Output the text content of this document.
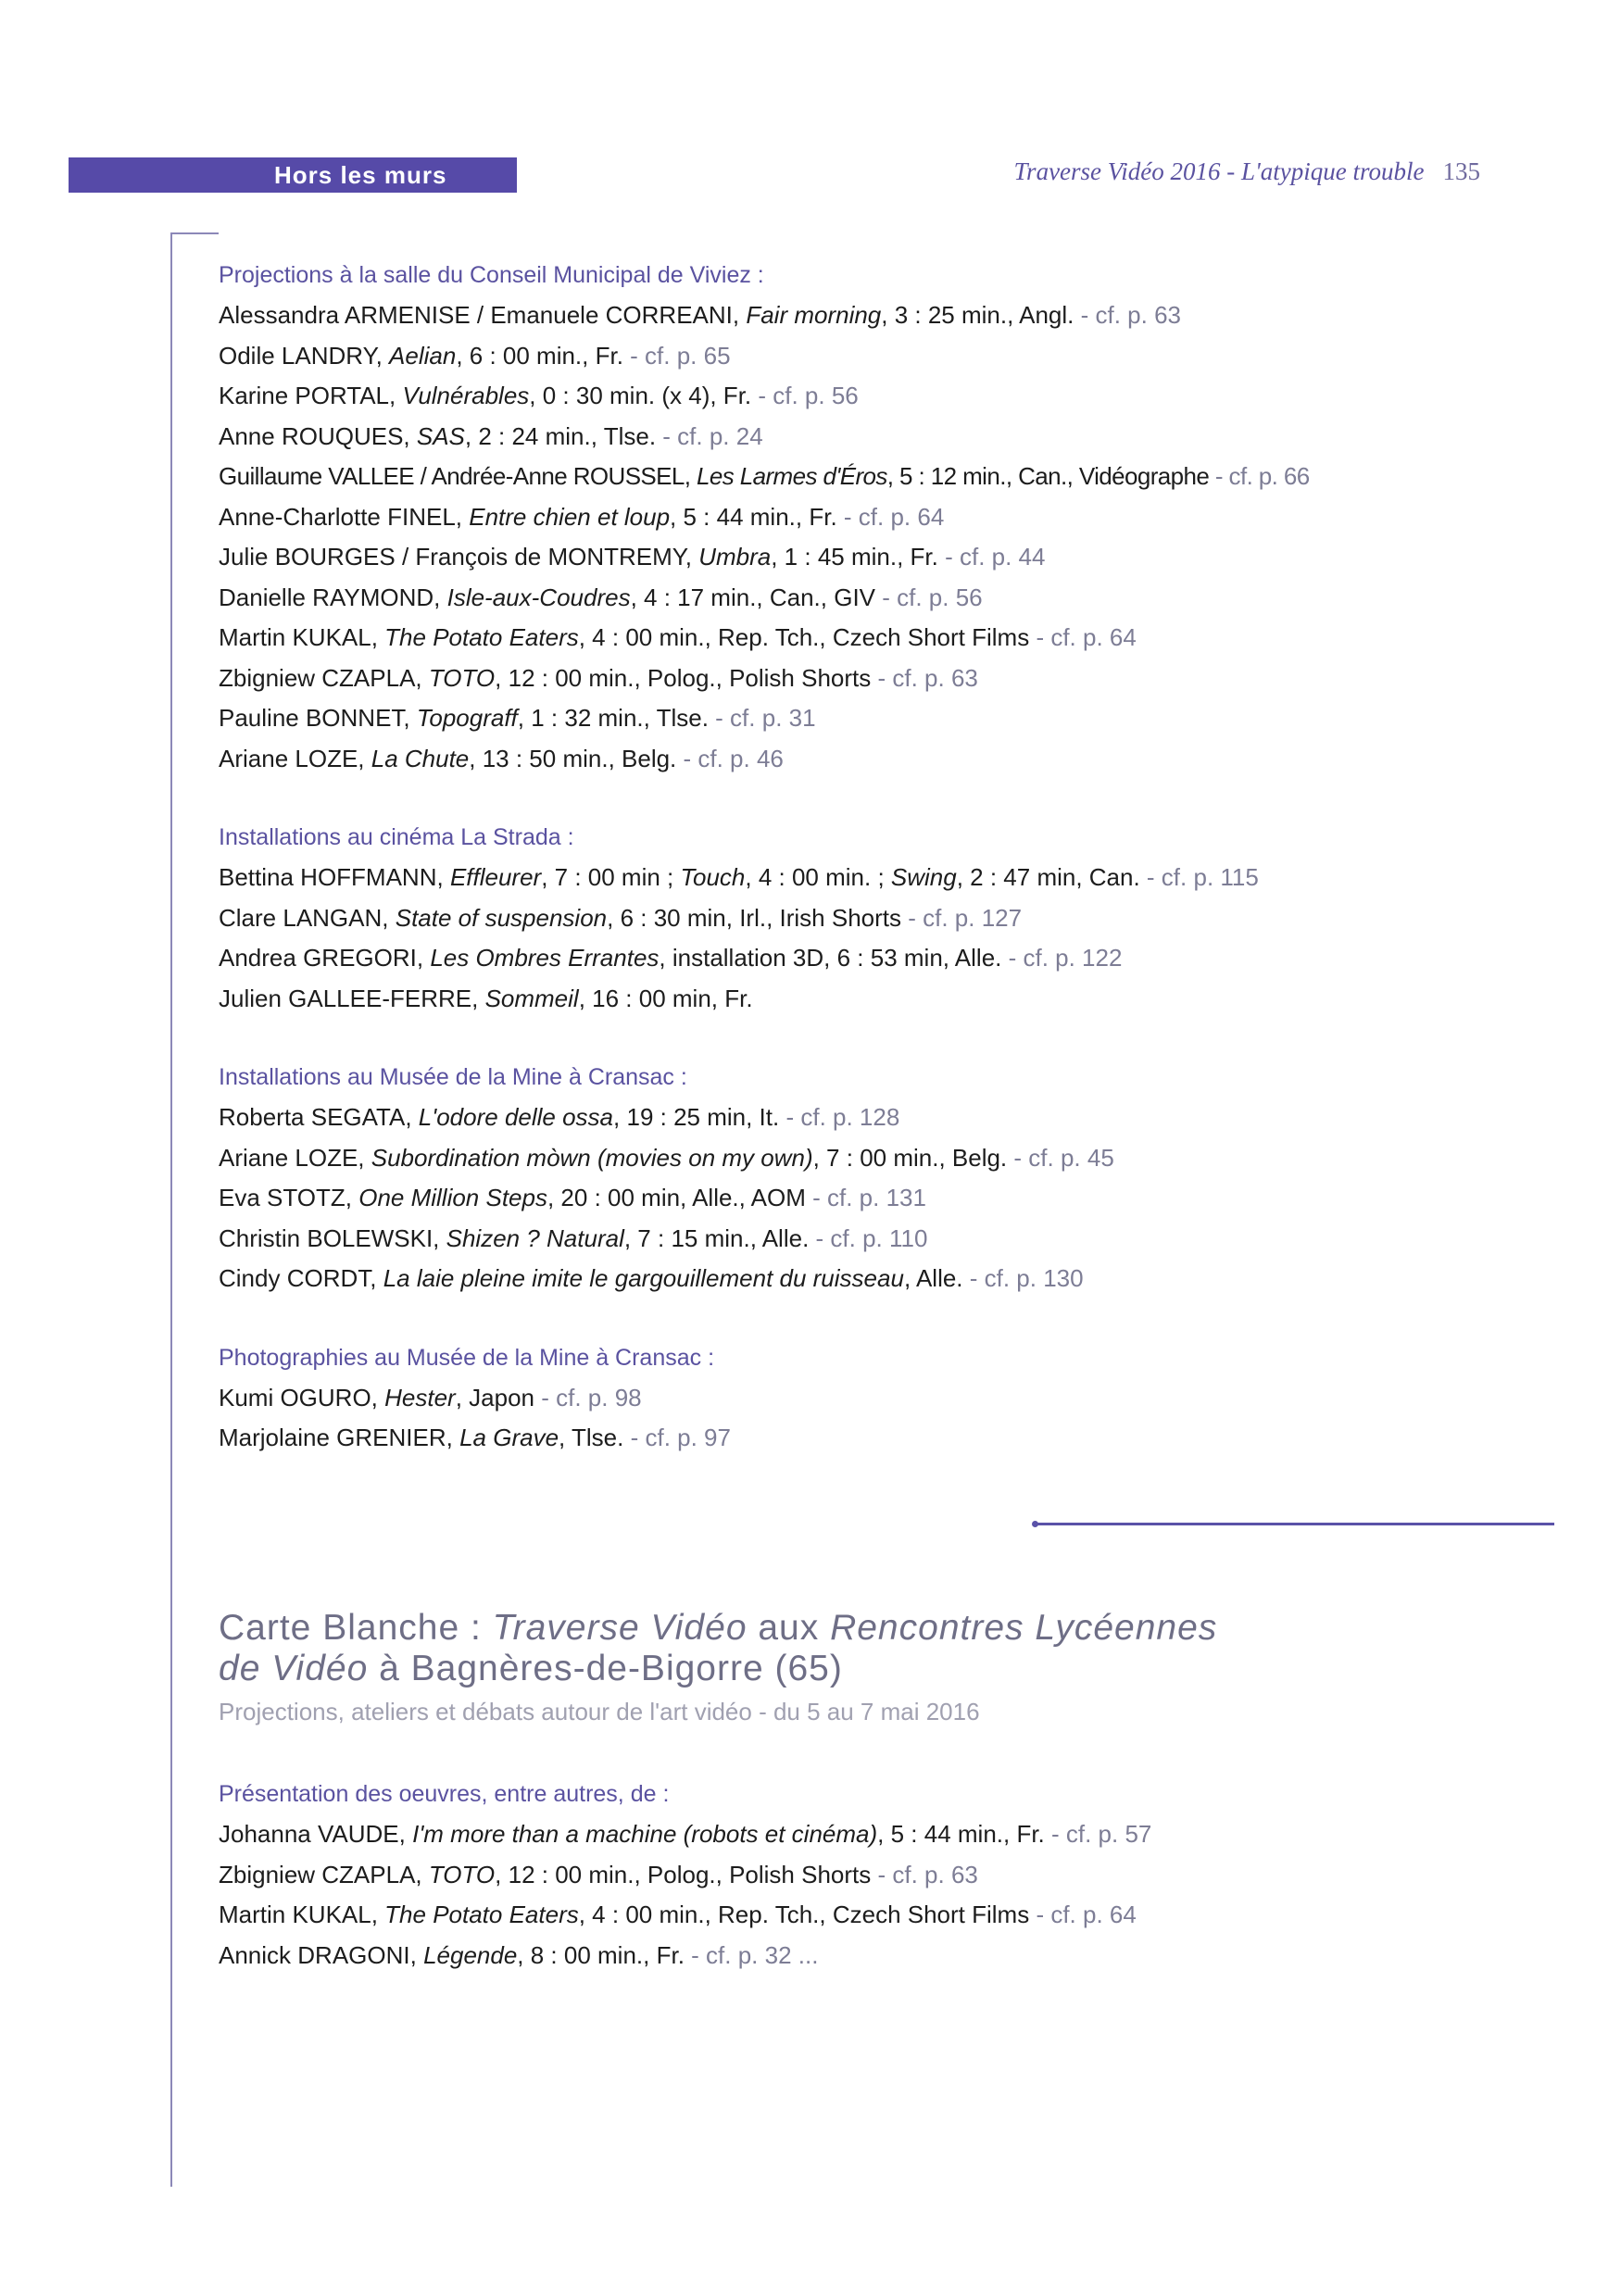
Hors les murs	Traverse Vidéo 2016 - L'atypique trouble 135

Projections à la salle du Conseil Municipal de Viviez :

Alessandra ARMENISE / Emanuele CORREANI, Fair morning, 3 : 25 min., Angl. - cf. p. 63

Odile LANDRY, Aelian, 6 : 00 min., Fr. - cf. p. 65

Karine PORTAL, Vulnérables, 0 : 30 min. (x 4), Fr. - cf. p. 56

Anne ROUQUES, SAS, 2 : 24 min., Tlse. - cf. p. 24

Guillaume VALLEE / Andrée-Anne ROUSSEL, Les Larmes d'Éros, 5 : 12 min., Can., Vidéographe - cf. p. 66

Anne-Charlotte FINEL, Entre chien et loup, 5 : 44 min., Fr. - cf. p. 64

Julie BOURGES / François de MONTREMY, Umbra, 1 : 45 min., Fr. - cf. p. 44

Danielle RAYMOND, Isle-aux-Coudres, 4 : 17 min., Can., GIV - cf. p. 56

Martin KUKAL, The Potato Eaters, 4 : 00 min., Rep. Tch., Czech Short Films - cf. p. 64

Zbigniew CZAPLA, TOTO, 12 : 00 min., Polog., Polish Shorts - cf. p. 63

Pauline BONNET, Topograff, 1 : 32 min., Tlse. - cf. p. 31

Ariane LOZE, La Chute, 13 : 50 min., Belg. - cf. p. 46

Installations au cinéma La Strada :

Bettina HOFFMANN, Effleurer, 7 : 00 min ; Touch, 4 : 00 min. ; Swing, 2 : 47 min, Can. - cf. p. 115

Clare LANGAN, State of suspension, 6 : 30 min, Irl., Irish Shorts - cf. p. 127

Andrea GREGORI, Les Ombres Errantes, installation 3D, 6 : 53 min, Alle. - cf. p. 122

Julien GALLEE-FERRE, Sommeil, 16 : 00 min, Fr.

Installations au Musée de la Mine à Cransac :

Roberta SEGATA, L'odore delle ossa, 19 : 25 min, It. - cf. p. 128

Ariane LOZE, Subordination mòwn (movies on my own), 7 : 00 min., Belg. - cf. p. 45

Eva STOTZ, One Million Steps, 20 : 00 min, Alle., AOM - cf. p. 131

Christin BOLEWSKI, Shizen ? Natural, 7 : 15 min., Alle. - cf. p. 110

Cindy CORDT, La laie pleine imite le gargouillement du ruisseau, Alle. - cf. p. 130

Photographies au Musée de la Mine à Cransac :

Kumi OGURO, Hester, Japon - cf. p. 98

Marjolaine GRENIER, La Grave, Tlse. - cf. p. 97

Carte Blanche : Traverse Vidéo aux Rencontres Lycéennes
de Vidéo à Bagnères-de-Bigorre (65)

Projections, ateliers et débats autour de l'art vidéo - du 5 au 7 mai 2016

Présentation des oeuvres, entre autres, de :

Johanna VAUDE, I'm more than a machine (robots et cinéma), 5 : 44 min., Fr. - cf. p. 57

Zbigniew CZAPLA, TOTO, 12 : 00 min., Polog., Polish Shorts - cf. p. 63

Martin KUKAL, The Potato Eaters, 4 : 00 min., Rep. Tch., Czech Short Films - cf. p. 64

Annick DRAGONI, Légende, 8 : 00 min., Fr. - cf. p. 32 ...
